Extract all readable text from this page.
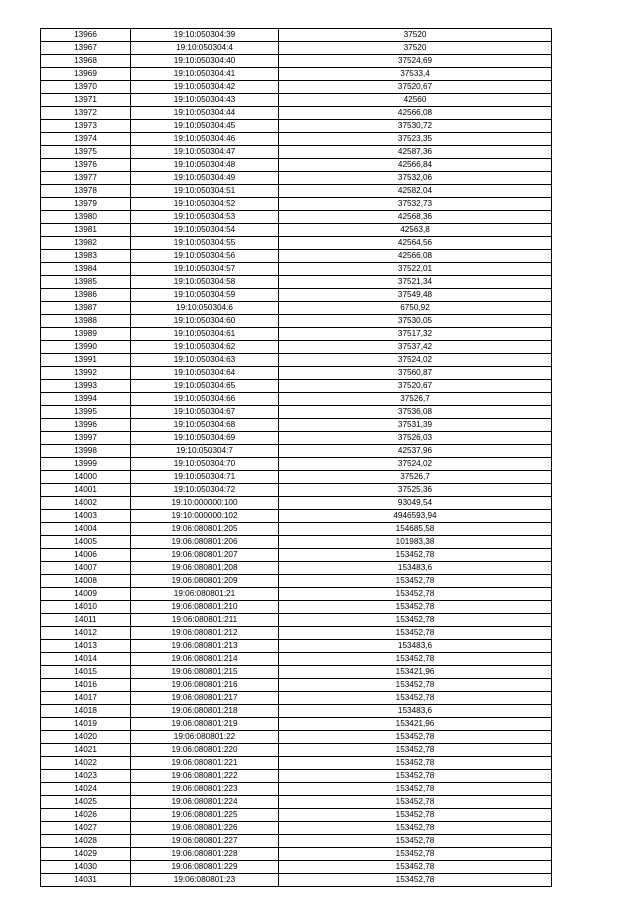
13966	19:10:050304:39	37520
13967	19:10:050304:4	37520
13968	19:10:050304:40	37524,69
13969	19:10:050304:41	37533,4
13970	19:10:050304:42	37520,67
13971	19:10:050304:43	42560
13972	19:10:050304:44	42566,08
13973	19:10:050304:45	37530,72
13974	19:10:050304:46	37523,35
13975	19:10:050304:47	42587,36
13976	19:10:050304:48	42566,84
13977	19:10:050304:49	37532,06
13978	19:10:050304:51	42582,04
13979	19:10:050304:52	37532,73
13980	19:10:050304:53	42568,36
13981	19:10:050304:54	42563,8
13982	19:10:050304:55	42564,56
13983	19:10:050304:56	42566,08
13984	19:10:050304:57	37522,01
13985	19:10:050304:58	37521,34
13986	19:10:050304:59	37549,48
13987	19:10:050304:6	6750,92
13988	19:10:050304:60	37530,05
13989	19:10:050304:61	37517,32
13990	19:10:050304:62	37537,42
13991	19:10:050304:63	37524,02
13992	19:10:050304:64	37560,87
13993	19:10:050304:65	37520,67
13994	19:10:050304:66	37526,7
13995	19:10:050304:67	37536,08
13996	19:10:050304:68	37531,39
13997	19:10:050304:69	37526,03
13998	19:10:050304:7	42537,96
13999	19:10:050304:70	37524,02
14000	19:10:050304:71	37526,7
14001	19:10:050304:72	37525,36
14002	19:10:000000:100	93049,54
14003	19:10:000000:102	4946593,94
14004	19:06:080801:205	154685,58
14005	19:06:080801:206	101983,38
14006	19:06:080801:207	153452,78
14007	19:06:080801:208	153483,6
14008	19:06:080801:209	153452,78
14009	19:06:080801:21	153452,78
14010	19:06:080801:210	153452,78
14011	19:06:080801:211	153452,78
14012	19:06:080801:212	153452,78
14013	19:06:080801:213	153483,6
14014	19:06:080801:214	153452,78
14015	19:06:080801:215	153421,96
14016	19:06:080801:216	153452,78
14017	19:06:080801:217	153452,78
14018	19:06:080801:218	153483,6
14019	19:06:080801:219	153421,96
14020	19:06:080801:22	153452,78
14021	19:06:080801:220	153452,78
14022	19:06:080801:221	153452,78
14023	19:06:080801:222	153452,78
14024	19:06:080801:223	153452,78
14025	19:06:080801:224	153452,78
14026	19:06:080801:225	153452,78
14027	19:06:080801:226	153452,78
14028	19:06:080801:227	153452,78
14029	19:06:080801:228	153452,78
14030	19:06:080801:229	153452,78
14031	19:06:080801:23	153452,78
